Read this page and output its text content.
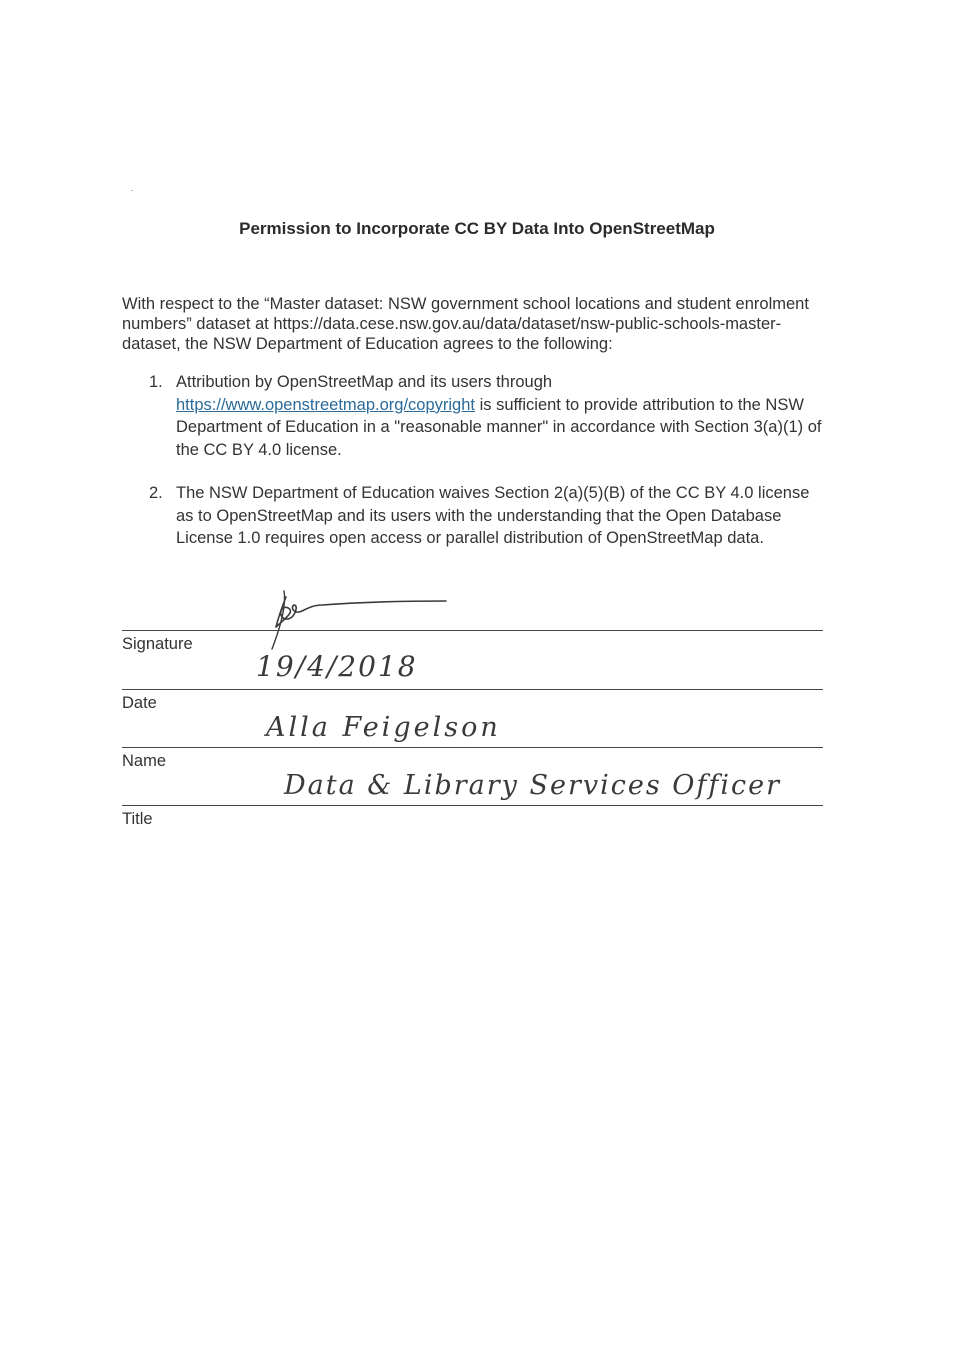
Permission to Incorporate CC BY Data Into OpenStreetMap

With respect to the “Master dataset: NSW government school locations and student enrolment numbers” dataset at https://data.cese.nsw.gov.au/data/dataset/nsw-public-schools-master-dataset, the NSW Department of Education agrees to the following:

1. Attribution by OpenStreetMap and its users through https://www.openstreetmap.org/copyright is sufficient to provide attribution to the NSW Department of Education in a "reasonable manner" in accordance with Section 3(a)(1) of the CC BY 4.0 license.
2. The NSW Department of Education waives Section 2(a)(5)(B) of the CC BY 4.0 license as to OpenStreetMap and its users with the understanding that the Open Database License 1.0 requires open access or parallel distribution of OpenStreetMap data.
Signature
19/4/2018
Date
Alla Feigelson
Name
Data & Library Services Officer
Title
